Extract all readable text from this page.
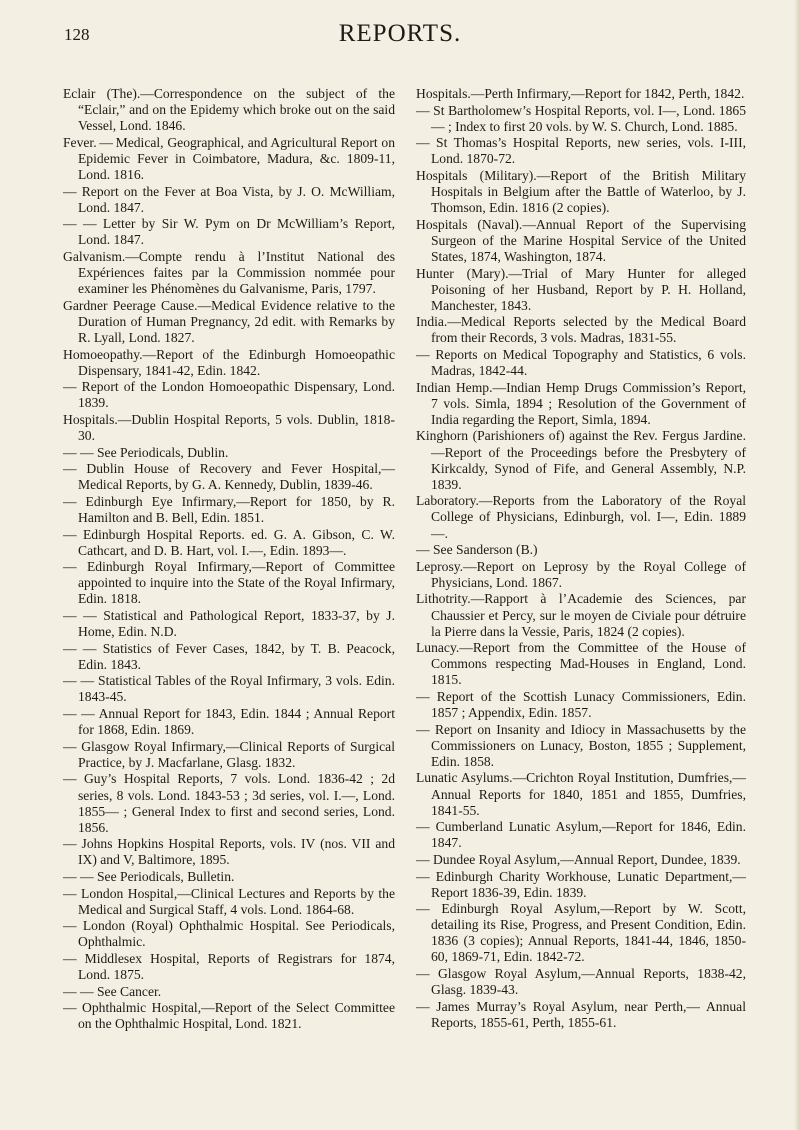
128	REPORTS.

Eclair (The).—Correspondence on the subject of the “Eclair,” and on the Epidemy which broke out on the said Vessel, Lond. 1846.

Fever. — Medical, Geographical, and Agricultural Report on Epidemic Fever in Coimbatore, Madura, &c. 1809-11, Lond. 1816.

— Report on the Fever at Boa Vista, by J. O. McWilliam, Lond. 1847.

— — Letter by Sir W. Pym on Dr McWilliam’s Report, Lond. 1847.

Galvanism.—Compte rendu à l’Institut National des Expériences faites par la Commission nommée pour examiner les Phénomènes du Galvanisme, Paris, 1797.

Gardner Peerage Cause.—Medical Evidence relative to the Duration of Human Pregnancy, 2d edit. with Remarks by R. Lyall, Lond. 1827.

Homoeopathy.—Report of the Edinburgh Homoeopathic Dispensary, 1841-42, Edin. 1842.

— Report of the London Homoeopathic Dispensary, Lond. 1839.

Hospitals.—Dublin Hospital Reports, 5 vols. Dublin, 1818-30.

— — See Periodicals, Dublin.

— Dublin House of Recovery and Fever Hospital,— Medical Reports, by G. A. Kennedy, Dublin, 1839-46.

— Edinburgh Eye Infirmary,—Report for 1850, by R. Hamilton and B. Bell, Edin. 1851.

— Edinburgh Hospital Reports. ed. G. A. Gibson, C. W. Cathcart, and D. B. Hart, vol. I.—, Edin. 1893—.

— Edinburgh Royal Infirmary,—Report of Committee appointed to inquire into the State of the Royal Infirmary, Edin. 1818.

— — Statistical and Pathological Report, 1833-37, by J. Home, Edin. N.D.

— — Statistics of Fever Cases, 1842, by T. B. Peacock, Edin. 1843.

— — Statistical Tables of the Royal Infirmary, 3 vols. Edin. 1843-45.

— — Annual Report for 1843, Edin. 1844 ; Annual Report for 1868, Edin. 1869.

— Glasgow Royal Infirmary,—Clinical Reports of Surgical Practice, by J. Macfarlane, Glasg. 1832.

— Guy’s Hospital Reports, 7 vols. Lond. 1836-42 ; 2d series, 8 vols. Lond. 1843-53 ; 3d series, vol. I.—, Lond. 1855— ; General Index to first and second series, Lond. 1856.

— Johns Hopkins Hospital Reports, vols. IV (nos. VII and IX) and V, Baltimore, 1895.

— — See Periodicals, Bulletin.

— London Hospital,—Clinical Lectures and Reports by the Medical and Surgical Staff, 4 vols. Lond. 1864-68.

— London (Royal) Ophthalmic Hospital. See Periodicals, Ophthalmic.

— Middlesex Hospital, Reports of Registrars for 1874, Lond. 1875.

— — See Cancer.

— Ophthalmic Hospital,—Report of the Select Committee on the Ophthalmic Hospital, Lond. 1821.

Hospitals.—Perth Infirmary,—Report for 1842, Perth, 1842.

— St Bartholomew’s Hospital Reports, vol. I—, Lond. 1865— ; Index to first 20 vols. by W. S. Church, Lond. 1885.

— St Thomas’s Hospital Reports, new series, vols. I-III, Lond. 1870-72.

Hospitals (Military).—Report of the British Military Hospitals in Belgium after the Battle of Waterloo, by J. Thomson, Edin. 1816 (2 copies).

Hospitals (Naval).—Annual Report of the Supervising Surgeon of the Marine Hospital Service of the United States, 1874, Washington, 1874.

Hunter (Mary).—Trial of Mary Hunter for alleged Poisoning of her Husband, Report by P. H. Holland, Manchester, 1843.

India.—Medical Reports selected by the Medical Board from their Records, 3 vols. Madras, 1831-55.

— Reports on Medical Topography and Statistics, 6 vols. Madras, 1842-44.

Indian Hemp.—Indian Hemp Drugs Commission’s Report, 7 vols. Simla, 1894 ; Resolution of the Government of India regarding the Report, Simla, 1894.

Kinghorn (Parishioners of) against the Rev. Fergus Jardine.—Report of the Proceedings before the Presbytery of Kirkcaldy, Synod of Fife, and General Assembly, N.P. 1839.

Laboratory.—Reports from the Laboratory of the Royal College of Physicians, Edinburgh, vol. I—, Edin. 1889—.

— See Sanderson (B.)

Leprosy.—Report on Leprosy by the Royal College of Physicians, Lond. 1867.

Lithotrity.—Rapport à l’Academie des Sciences, par Chaussier et Percy, sur le moyen de Civiale pour détruire la Pierre dans la Vessie, Paris, 1824 (2 copies).

Lunacy.—Report from the Committee of the House of Commons respecting Mad-Houses in England, Lond. 1815.

— Report of the Scottish Lunacy Commissioners, Edin. 1857 ; Appendix, Edin. 1857.

— Report on Insanity and Idiocy in Massachusetts by the Commissioners on Lunacy, Boston, 1855 ; Supplement, Edin. 1858.

Lunatic Asylums.—Crichton Royal Institution, Dumfries,—Annual Reports for 1840, 1851 and 1855, Dumfries, 1841-55.

— Cumberland Lunatic Asylum,—Report for 1846, Edin. 1847.

— Dundee Royal Asylum,—Annual Report, Dundee, 1839.

— Edinburgh Charity Workhouse, Lunatic Department,—Report 1836-39, Edin. 1839.

— Edinburgh Royal Asylum,—Report by W. Scott, detailing its Rise, Progress, and Present Condition, Edin. 1836 (3 copies); Annual Reports, 1841-44, 1846, 1850-60, 1869-71, Edin. 1842-72.

— Glasgow Royal Asylum,—Annual Reports, 1838-42, Glasg. 1839-43.

— James Murray’s Royal Asylum, near Perth,— Annual Reports, 1855-61, Perth, 1855-61.
